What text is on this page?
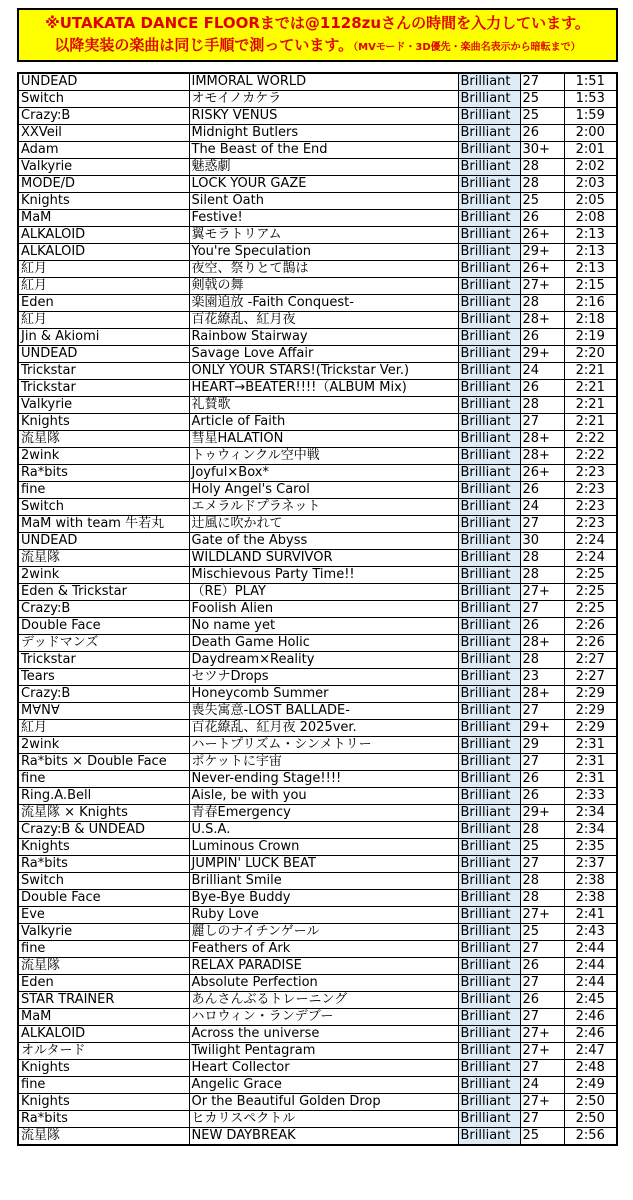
※UTAKATA DANCE FLOORまでは@1128zuさんの時間を入力しています。
以降実装の楽曲は同じ手順で測っています。（MVモード・3D優先・楽曲名表示から暗転まで）
UNDEAD	IMMORAL WORLD	Brilliant	27	1:51
Switch	オモイノカケラ	Brilliant	25	1:53
Crazy:B	RISKY VENUS	Brilliant	25	1:59
XXVeil	Midnight Butlers	Brilliant	26	2:00
Adam	The Beast of the End	Brilliant	30+	2:01
Valkyrie	魅惑劇	Brilliant	28	2:02
MODE/D	LOCK YOUR GAZE	Brilliant	28	2:03
Knights	Silent Oath	Brilliant	25	2:05
MaM	Festive!	Brilliant	26	2:08
ALKALOID	翼モラトリアム	Brilliant	26+	2:13
ALKALOID	You're Speculation	Brilliant	29+	2:13
紅月	夜空、祭りとて鵲は	Brilliant	26+	2:13
紅月	剣戟の舞	Brilliant	27+	2:15
Eden	楽園追放 -Faith Conquest-	Brilliant	28	2:16
紅月	百花繚乱、紅月夜	Brilliant	28+	2:18
Jin & Akiomi	Rainbow Stairway	Brilliant	26	2:19
UNDEAD	Savage Love Affair	Brilliant	29+	2:20
Trickstar	ONLY YOUR STARS!(Trickstar Ver.)	Brilliant	24	2:21
Trickstar	HEART→BEATER!!!!（ALBUM Mix)	Brilliant	26	2:21
Valkyrie	礼賛歌	Brilliant	28	2:21
Knights	Article of Faith	Brilliant	27	2:21
流星隊	彗星HALATION	Brilliant	28+	2:22
2wink	トゥウィンクル空中戦	Brilliant	28+	2:22
Ra*bits	Joyful×Box*	Brilliant	26+	2:23
fine	Holy Angel's Carol	Brilliant	26	2:23
Switch	エメラルドプラネット	Brilliant	24	2:23
MaM with team 牛若丸	辻風に吹かれて	Brilliant	27	2:23
UNDEAD	Gate of the Abyss	Brilliant	30	2:24
流星隊	WILDLAND SURVIVOR	Brilliant	28	2:24
2wink	Mischievous Party Time!!	Brilliant	28	2:25
Eden & Trickstar	（RE）PLAY	Brilliant	27+	2:25
Crazy:B	Foolish Alien	Brilliant	27	2:25
Double Face	No name yet	Brilliant	26	2:26
デッドマンズ	Death Game Holic	Brilliant	28+	2:26
Trickstar	Daydream×Reality	Brilliant	28	2:27
Tears	セツナDrops	Brilliant	23	2:27
Crazy:B	Honeycomb Summer	Brilliant	28+	2:29
M∀N∀	喪失寓意-LOST BALLADE-	Brilliant	27	2:29
紅月	百花繚乱、紅月夜 2025ver.	Brilliant	29+	2:29
2wink	ハートプリズム・シンメトリー	Brilliant	29	2:31
Ra*bits × Double Face	ポケットに宇宙	Brilliant	27	2:31
fine	Never-ending Stage!!!!	Brilliant	26	2:31
Ring.A.Bell	Aisle, be with you	Brilliant	26	2:33
流星隊 × Knights	青春Emergency	Brilliant	29+	2:34
Crazy:B & UNDEAD	U.S.A.	Brilliant	28	2:34
Knights	Luminous Crown	Brilliant	25	2:35
Ra*bits	JUMPIN' LUCK BEAT	Brilliant	27	2:37
Switch	Brilliant Smile	Brilliant	28	2:38
Double Face	Bye-Bye Buddy	Brilliant	28	2:38
Eve	Ruby Love	Brilliant	27+	2:41
Valkyrie	麗しのナイチンゲール	Brilliant	25	2:43
fine	Feathers of Ark	Brilliant	27	2:44
流星隊	RELAX PARADISE	Brilliant	26	2:44
Eden	Absolute Perfection	Brilliant	27	2:44
STAR TRAINER	あんさんぶるトレーニング	Brilliant	26	2:45
MaM	ハロウィン・ランデブー	Brilliant	27	2:46
ALKALOID	Across the universe	Brilliant	27+	2:46
オルタード	Twilight Pentagram	Brilliant	27+	2:47
Knights	Heart Collector	Brilliant	27	2:48
fine	Angelic Grace	Brilliant	24	2:49
Knights	Or the Beautiful Golden Drop	Brilliant	27+	2:50
Ra*bits	ヒカリスペクトル	Brilliant	27	2:50
流星隊	NEW DAYBREAK	Brilliant	25	2:56
